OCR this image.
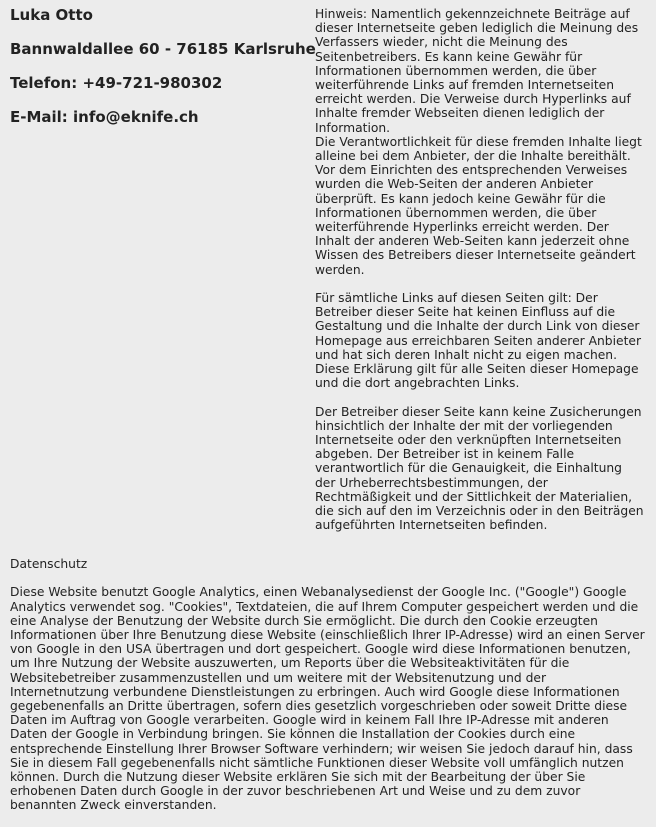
Luka Otto

Bannwaldallee 60 - 76185 Karlsruhe

Telefon: +49-721-980302

E-Mail: info@eknife.ch

Hinweis: Namentlich gekennzeichnete Beiträge auf dieser Internetseite geben lediglich die Meinung des Verfassers wieder, nicht die Meinung des Seitenbetreibers. Es kann keine Gewähr für Informationen übernommen werden, die über weiterführende Links auf fremden Internetseiten erreicht werden. Die Verweise durch Hyperlinks auf Inhalte fremder Webseiten dienen lediglich der Information.
Die Verantwortlichkeit für diese fremden Inhalte liegt alleine bei dem Anbieter, der die Inhalte bereithält. Vor dem Einrichten des entsprechenden Verweises wurden die Web-Seiten der anderen Anbieter überprüft. Es kann jedoch keine Gewähr für die Informationen übernommen werden, die über weiterführende Hyperlinks erreicht werden. Der Inhalt der anderen Web-Seiten kann jederzeit ohne Wissen des Betreibers dieser Internetseite geändert werden.

Für sämtliche Links auf diesen Seiten gilt: Der Betreiber dieser Seite hat keinen Einfluss auf die Gestaltung und die Inhalte der durch Link von dieser Homepage aus erreichbaren Seiten anderer Anbieter und hat sich deren Inhalt nicht zu eigen machen. Diese Erklärung gilt für alle Seiten dieser Homepage und die dort angebrachten Links.

Der Betreiber dieser Seite kann keine Zusicherungen hinsichtlich der Inhalte der mit der vorliegenden Internetseite oder den verknüpften Internetseiten abgeben. Der Betreiber ist in keinem Falle verantwortlich für die Genauigkeit, die Einhaltung der Urheberrechtsbestimmungen, der Rechtmäßigkeit und der Sittlichkeit der Materialien, die sich auf den im Verzeichnis oder in den Beiträgen aufgeführten Internetseiten befinden.

Datenschutz

Diese Website benutzt Google Analytics, einen Webanalysedienst der Google Inc. ("Google") Google Analytics verwendet sog. "Cookies", Textdateien, die auf Ihrem Computer gespeichert werden und die eine Analyse der Benutzung der Website durch Sie ermöglicht. Die durch den Cookie erzeugten Informationen über Ihre Benutzung diese Website (einschließlich Ihrer IP-Adresse) wird an einen Server von Google in den USA übertragen und dort gespeichert. Google wird diese Informationen benutzen, um Ihre Nutzung der Website auszuwerten, um Reports über die Websiteaktivitäten für die Websitebetreiber zusammenzustellen und um weitere mit der Websitenutzung und der Internetnutzung verbundene Dienstleistungen zu erbringen. Auch wird Google diese Informationen gegebenenfalls an Dritte übertragen, sofern dies gesetzlich vorgeschrieben oder soweit Dritte diese Daten im Auftrag von Google verarbeiten. Google wird in keinem Fall Ihre IP-Adresse mit anderen Daten der Google in Verbindung bringen. Sie können die Installation der Cookies durch eine entsprechende Einstellung Ihrer Browser Software verhindern; wir weisen Sie jedoch darauf hin, dass Sie in diesem Fall gegebenenfalls nicht sämtliche Funktionen dieser Website voll umfänglich nutzen können. Durch die Nutzung dieser Website erklären Sie sich mit der Bearbeitung der über Sie erhobenen Daten durch Google in der zuvor beschriebenen Art und Weise und zu dem zuvor benannten Zweck einverstanden.
